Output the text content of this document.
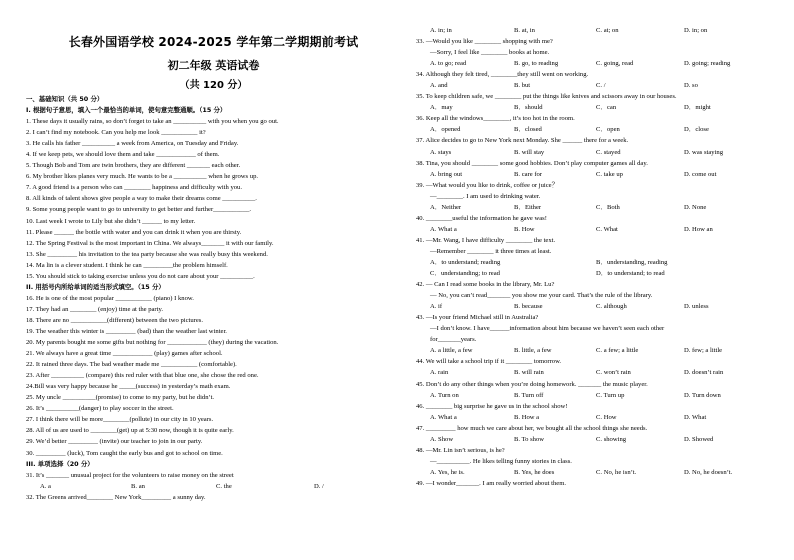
长春外国语学校 2024-2025 学年第二学期期前考试
初二年级 英语试卷
（共 120 分）
一、基础知识（共 50 分）
I. 根据句子意思，填入一个最恰当的单词，使句意完整通顺。（15 分）
1. These days it usually rains, so don’t forget to take an __________ with you when you go out.
2. I can’t find my notebook. Can you help me look ___________ it?
3. He calls his father __________ a week from America, on Tuesday and Friday.
4. If we keep pets, we should love them and take ____________ of them.
5. Though Bob and Tom are twin brothers, they are different _______ each other.
6. My brother likes planes very much. He wants to be a __________ when he grows up.
7. A good friend is a person who can ________ happiness and difficulty with you.
8. All kinds of talent shows give people a way to make their dreams come __________.
9. Some young people want to go to university to get better and further___________.
10. Last week I wrote to Lily but she didn’t ______ to my letter.
11. Please ______ the bottle with water and you can drink it when you are thirsty.
12. The Spring Festival is the most important in China. We always_______ it with our family.
13. She _________ his invitation to the tea party because she was really busy this weekend.
14. Ma lin is a clever student. I think he can _________the problem himself.
15. You should stick to taking exercise unless you do not care about your __________.
II. 用括号内所给单词的适当形式填空。（15 分）
16. He is one of the most popular ___________ (piano) I know.
17. They had an ________ (enjoy) time at the party.
18. There are no ___________(different) between the two pictures.
19. The weather this winter is _________ (bad) than the weather last winter.
20. My parents bought me some gifts but nothing for ____________ (they) during the vacation.
21. We always have a great time ____________ (play) games after school.
22. It rained three days. The bad weather made me ___________ (comfortable).
23. After __________ (compare) this red ruler with that blue one, she chose the red one.
24.Bill was very happy because he _____(success) in yesterday’s math exam.
25. My uncle __________(promise) to come to my party, but he didn’t.
26. It’s __________(danger) to play soccer in the street.
27. I think there will be more________(pollute) in our city in 10 years.
28. All of us are used to ________(get) up at 5:30 now, though it is quite early.
29. We’d better _________ (invite) our teacher to join in our party.
30. _________ (luck), Tom caught the early bus and got to school on time.
III. 单项选择（20 分）
31. It’s _______ unusual project for the volunteers to raise money on the street
A. a	B. an	C. the	D. /
32. The Greens arrived________ New York_________ a sunny day.
A. in; in	B. at, in	C. at; on	D. in; on
33. —Would you like ________ shopping with me?
—Sorry, I feel like ________ books at home.
A. to go; read	B. go, to reading	C. going, read	D. going; reading
34. Although they felt tired, ________they still went on working.
A. and	B. but	C. /	D. so
35. To keep children safe, we ________ put the things like knives and scissors away in our houses.
A．may	B．should	C．can	D．might
36. Keep all the windows________, it’s too hot in the room.
A．opened	B．closed	C．open	D．close
37. Alice decides to go to New York next Monday. She ______ there for a week.
A. stays	B. will stay	C. stayed	D. was staying
38. Tina, you should ________ some good hobbies. Don’t play computer games all day.
A. bring out	B. care for	C. take up	D. come out
39. —What would you like to drink, coffee or juice？
—________. I am used to drinking water.
A．Neither	B．Either	C．Both	D. None
40. ________useful the information he gave was!
A. What a	B. How	C. What	D. How an
41. —Mr. Wang, I have difficulty ________ the text.
—Remember ________ it three times at least.
A．to understand; reading	B．understanding, reading
C．understanding; to read	D．to understand; to read
42. — Can I read some books in the library, Mr. Lu?
— No, you can’t read_______ you show me your card. That’s the rule of the library.
A. if	B. because	C. although	D. unless
43. —Is your friend Michael still in Australia?
—I don’t know. I have______information about him because we haven’t seen each other
for_______years.
A. a little, a few	B. little, a few	C. a few; a little	D. few; a little
44. We will take a school trip if it ________ tomorrow.
A. rain	B. will rain	C. won’t rain	D. doesn’t rain
45. Don’t do any other things when you’re doing homework. _______ the music player.
A. Turn on	B. Turn off	C. Turn up	D. Turn down
46. ________ big surprise he gave us in the school show!
A. What a	B. How a	C. How	D. What
47. _________ how much we care about her, we bought all the school things she needs.
A. Show	B. To show	C. showing	D. Showed
48. —Mr. Lin isn’t serious, is he?
—__________. He likes telling funny stories in class.
A. Yes, he is.	B. Yes, he does	C. No, he isn’t.	D. No, he doesn’t.
49. —I wonder_______. I am really worried about them.
